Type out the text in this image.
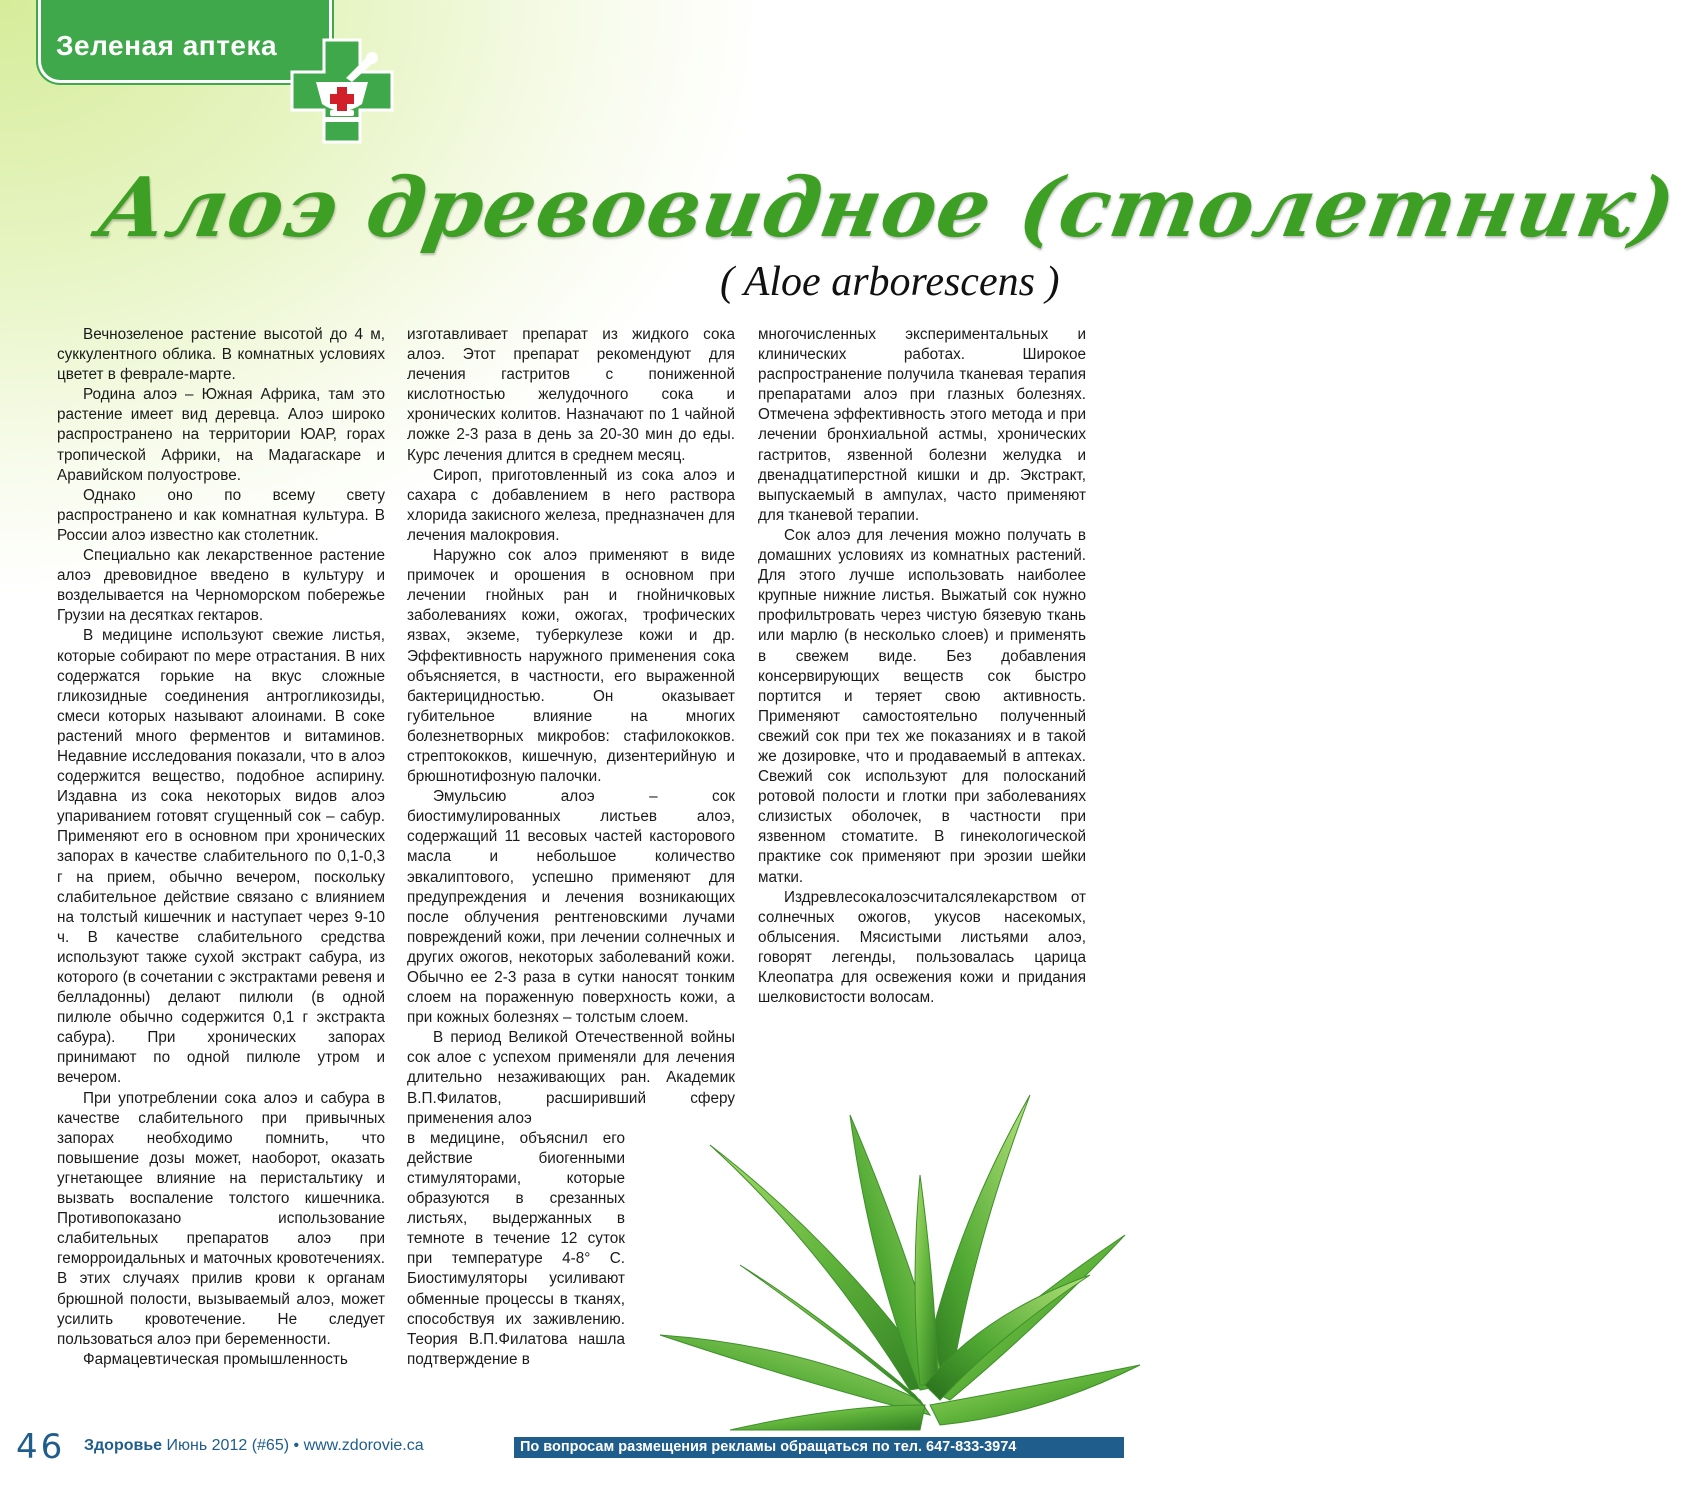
Зеленая аптека
Алоэ древовидное (столетник)
( Aloe arborescens )

Вечнозеленое растение высотой до 4 м, суккулентного облика. В комнатных условиях цветет в феврале-марте.

Родина алоэ – Южная Африка, там это растение имеет вид деревца. Алоэ широко распространено на территории ЮАР, горах тропической Африки, на Мадагаскаре и Аравийском полуострове.

Однако оно по всему свету распространено и как комнатная культура. В России алоэ известно как столетник.

Специально как лекарственное растение алоэ древовидное введено в культуру и возделывается на Черноморском побережье Грузии на десятках гектаров.

В медицине используют свежие листья, которые собирают по мере отрастания. В них содержатся горькие на вкус сложные гликозидные соединения антрогликозиды, смеси которых называют алоинами. В соке растений много ферментов и витаминов. Недавние исследования показали, что в алоэ содержится вещество, подобное аспирину. Издавна из сока некоторых видов алоэ упариванием готовят сгущенный сок – сабур. Применяют его в основном при хронических запорах в качестве слабительного по 0,1-0,3 г на прием, обычно вечером, поскольку слабительное действие связано с влиянием на толстый кишечник и наступает через 9-10 ч. В качестве слабительного средства используют также сухой экстракт сабура, из которого (в сочетании с экстрактами ревеня и белладонны) делают пилюли (в одной пилюле обычно содержится 0,1 г экстракта сабура). При хронических запорах принимают по одной пилюле утром и вечером.

При употреблении сока алоэ и сабура в качестве слабительного при привычных запорах необходимо помнить, что повышение дозы может, наоборот, оказать угнетающее влияние на перистальтику и вызвать воспаление толстого кишечника. Противопоказано использование слабительных препаратов алоэ при геморроидальных и маточных кровотечениях. В этих случаях прилив крови к органам брюшной полости, вызываемый алоэ, может усилить кровотечение. Не следует пользоваться алоэ при беременности.

Фармацевтическая промышленность

изготавливает препарат из жидкого сока алоэ. Этот препарат рекомендуют для лечения гастритов с пониженной кислотностью желудочного сока и хронических колитов. Назначают по 1 чайной ложке 2-3 раза в день за 20-30 мин до еды. Курс лечения длится в среднем месяц.

Сироп, приготовленный из сока алоэ и сахара с добавлением в него раствора хлорида закисного железа, предназначен для лечения малокровия.

Наружно сок алоэ применяют в виде примочек и орошения в основном при лечении гнойных ран и гнойничковых заболеваниях кожи, ожогах, трофических язвах, экземе, туберкулезе кожи и др. Эффективность наружного применения сока объясняется, в частности, его выраженной бактерицидностью. Он оказывает губительное влияние на многих болезнетворных микробов: стафилококков. стрептококков, кишечную, дизентерийную и брюшнотифозную палочки.

Эмульсию алоэ – сок биостимулированных листьев алоэ, содержащий 11 весовых частей касторового масла и небольшое количество эвкалиптового, успешно применяют для предупреждения и лечения возникающих после облучения рентгеновскими лучами повреждений кожи, при лечении солнечных и других ожогов, некоторых заболеваний кожи. Обычно ее 2-3 раза в сутки наносят тонким слоем на пораженную поверхность кожи, а при кожных болезнях – толстым слоем.

В период Великой Отечественной войны сок алое с успехом применяли для лечения длительно незаживающих ран. Академик В.П.Филатов, расширивший сферу применения алоэ

в медицине, объяснил его действие биогенными стимуляторами, которые образуются в срезанных листьях, выдержанных в темноте в течение 12 суток при температуре 4-8° С. Биостимуляторы усиливают обменные процессы в тканях, способствуя их заживлению. Теория В.П.Филатова нашла подтверждение в

многочисленных экспериментальных и клинических работах. Широкое распространение получила тканевая терапия препаратами алоэ при глазных болезнях. Отмечена эффективность этого метода и при лечении бронхиальной астмы, хронических гастритов, язвенной болезни желудка и двенадцатиперстной кишки и др. Экстракт, выпускаемый в ампулах, часто применяют для тканевой терапии.

Сок алоэ для лечения можно получать в домашних условиях из комнатных растений. Для этого лучше использовать наиболее крупные нижние листья. Выжатый сок нужно профильтровать через чистую бязевую ткань или марлю (в несколько слоев) и применять в свежем виде. Без добавления консервирующих веществ сок быстро портится и теряет свою активность. Применяют самостоятельно полученный свежий сок при тех же показаниях и в такой же дозировке, что и продаваемый в аптеках. Свежий сок используют для полосканий ротовой полости и глотки при заболеваниях слизистых оболочек, в частности при язвенном стоматите. В гинекологической практике сок применяют при эрозии шейки матки.

Издревлесокалоэсчиталсялекарством от солнечных ожогов, укусов насекомых, облысения. Мясистыми листьями алоэ, говорят легенды, пользовалась царица Клеопатра для освежения кожи и придания шелковистости волосам.

46 Здоровье Июнь 2012 (#65) • www.zdorovie.ca	По вопросам размещения рекламы обращаться по тел. 647-833-3974
